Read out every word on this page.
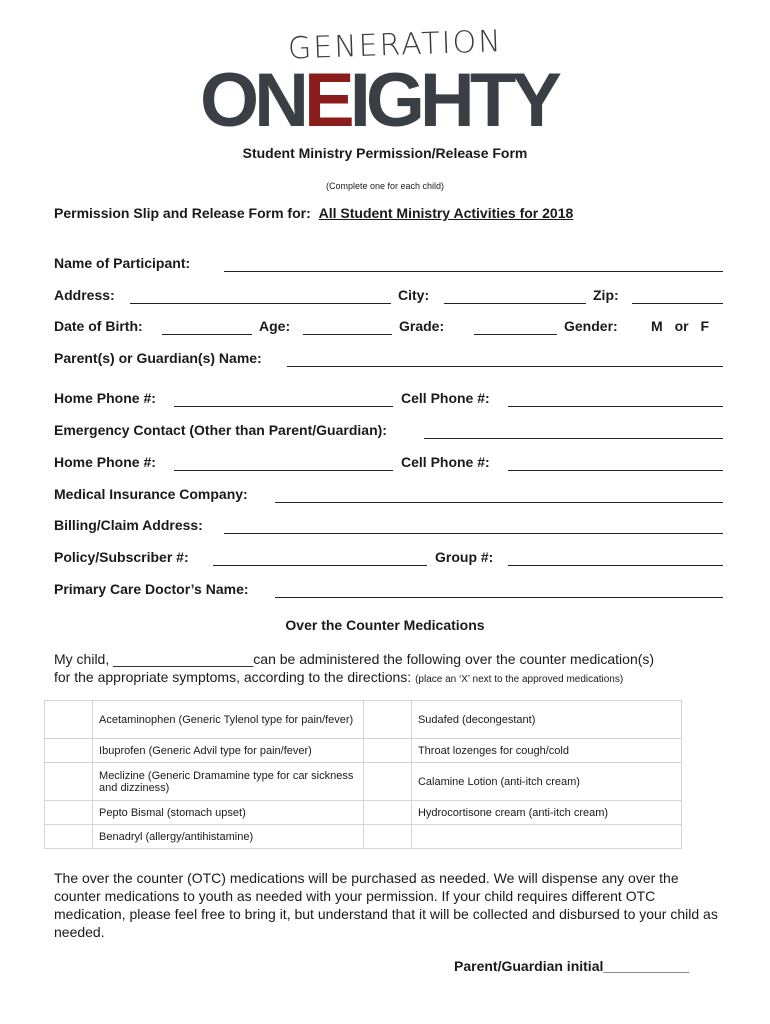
GENERATION
ONEIGHTY
Student Ministry Permission/Release Form
(Complete one for each child)
Permission Slip and Release Form for: All Student Ministry Activities for 2018
Name of Participant:
Address:	City:	Zip:
Date of Birth:	Age:	Grade:	Gender: M or F
Parent(s) or Guardian(s) Name:
Home Phone #:	Cell Phone #:
Emergency Contact (Other than Parent/Guardian):
Home Phone #:	Cell Phone #:
Medical Insurance Company:
Billing/Claim Address:
Policy/Subscriber #:	Group #:
Primary Care Doctor’s Name:
Over the Counter Medications
My child, __________________can be administered the following over the counter medication(s)
for the appropriate symptoms, according to the directions: (place an ‘X’ next to the approved medications)
	Acetaminophen (Generic Tylenol type for pain/fever)		Sudafed (decongestant)
	Ibuprofen (Generic Advil type for pain/fever)		Throat lozenges for cough/cold
	Meclizine (Generic Dramamine type for car sickness and dizziness)		Calamine Lotion (anti-itch cream)
	Pepto Bismal (stomach upset)		Hydrocortisone cream (anti-itch cream)
	Benadryl (allergy/antihistamine)		
The over the counter (OTC) medications will be purchased as needed. We will dispense any over the counter medications to youth as needed with your permission. If your child requires different OTC medication, please feel free to bring it, but understand that it will be collected and disbursed to your child as needed.
Parent/Guardian initial___________
